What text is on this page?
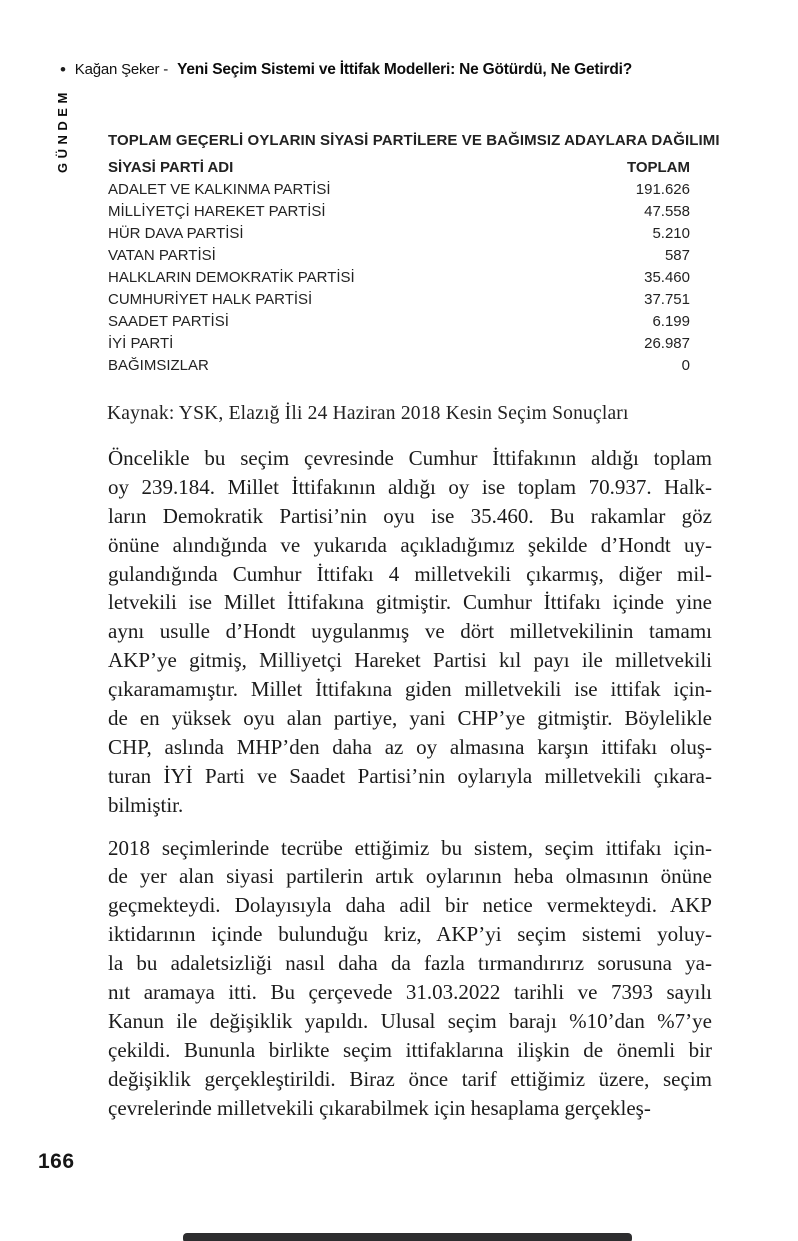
• Kağan Şeker - Yeni Seçim Sistemi ve İttifak Modelleri: Ne Götürdü, Ne Getirdi?
GÜNDEM	TOPLAM GEÇERLİ OYLARIN SİYASİ PARTİLERE VE BAĞIMSIZ ADAYLARA DAĞILIMI
SİYASİ PARTİ ADI	TOPLAM
ADALET VE KALKINMA PARTİSİ	191.626
MİLLİYETÇİ HAREKET PARTİSİ	47.558
HÜR DAVA PARTİSİ	5.210
VATAN PARTİSİ	587
HALKLARIN DEMOKRATİK PARTİSİ	35.460
CUMHURİYET HALK PARTİSİ	37.751
SAADET PARTİSİ	6.199
İYİ PARTİ	26.987
BAĞIMSIZLAR	0
Kaynak: YSK, Elazığ İli 24 Haziran 2018 Kesin Seçim Sonuçları
Öncelikle bu seçim çevresinde Cumhur İttifakının aldığı toplam
oy 239.184. Millet İttifakının aldığı oy ise toplam 70.937. Halk-
ların Demokratik Partisi’nin oyu ise 35.460. Bu rakamlar göz
önüne alındığında ve yukarıda açıkladığımız şekilde d’Hondt uy-
gulandığında Cumhur İttifakı 4 milletvekili çıkarmış, diğer mil-
letvekili ise Millet İttifakına gitmiştir. Cumhur İttifakı içinde yine
aynı usulle d’Hondt uygulanmış ve dört milletvekilinin tamamı
AKP’ye gitmiş, Milliyetçi Hareket Partisi kıl payı ile milletvekili
çıkaramamıştır. Millet İttifakına giden milletvekili ise ittifak için-
de en yüksek oyu alan partiye, yani CHP’ye gitmiştir. Böylelikle
CHP, aslında MHP’den daha az oy almasına karşın ittifakı oluş-
turan İYİ Parti ve Saadet Partisi’nin oylarıyla milletvekili çıkara-
bilmiştir.
2018 seçimlerinde tecrübe ettiğimiz bu sistem, seçim ittifakı için-
de yer alan siyasi partilerin artık oylarının heba olmasının önüne
geçmekteydi. Dolayısıyla daha adil bir netice vermekteydi. AKP
iktidarının içinde bulunduğu kriz, AKP’yi seçim sistemi yoluy-
la bu adaletsizliği nasıl daha da fazla tırmandırırız sorusuna ya-
nıt aramaya itti. Bu çerçevede 31.03.2022 tarihli ve 7393 sayılı
Kanun ile değişiklik yapıldı. Ulusal seçim barajı %10’dan %7’ye
çekildi. Bununla birlikte seçim ittifaklarına ilişkin de önemli bir
değişiklik gerçekleştirildi. Biraz önce tarif ettiğimiz üzere, seçim
çevrelerinde milletvekili çıkarabilmek için hesaplama gerçekleş-
166
